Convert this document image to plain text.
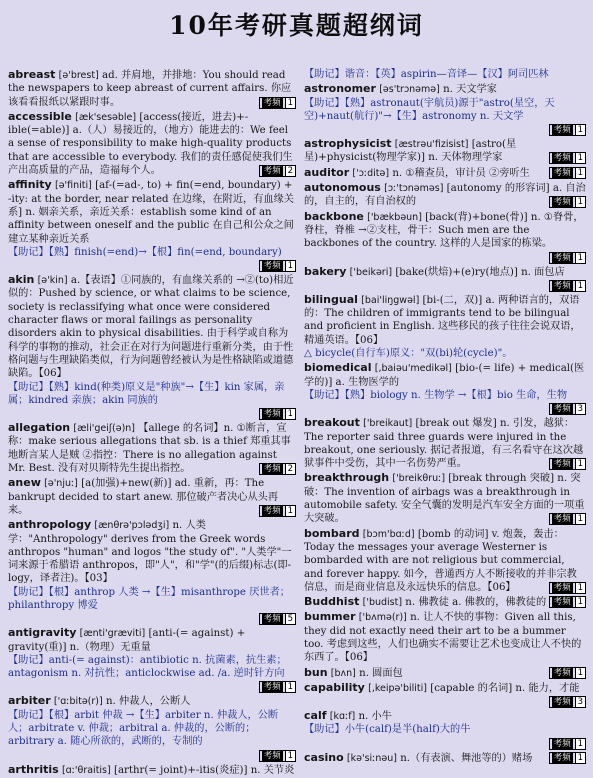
10年考研真题超纲词
abreast [ə'brest] ad. 并肩地，并排地：You should read the newspapers to keep abreast of current affairs. 你应该看看报纸以紧跟时事。	考频 1
accessible [æk'sesəble] [access(接近，进去)+-ible(=able)] a.（人）易接近的，（地方）能进去的：We feel a sense of responsibility to make high-quality products that are accessible to everybody. 我们的责任感促使我们生产出高质量的产品，造福每个人。	考频 2
affinity [ə'finiti] [af-(=ad-, to) + fin(=end, boundary) + -ity: at the border, near related 在边缘，在附近，有血缘关系] n. 姻亲关系，亲近关系：establish some kind of an affinity between oneself and the public 在自己和公众之间建立某种亲近关系
【助记】【熟】finish(=end)→【根】fin(=end, boundary)
考频 1
akin [ə'kin] a.【表语】①同族的，有血缘关系的 →②(to)相近似的：Pushed by science, or what claims to be science, society is reclassifying what once were considered character flaws or moral failings as personality disorders akin to physical disabilities. 由于科学或自称为科学的事物的推动，社会正在对行为问题进行重新分类，由于性格问题与生理缺陷类似，行为问题曾经被认为是性格缺陷或道德缺陷。【06】
【助记】【熟】kind(种类)原义是"种族"→【生】kin 家属，亲属；kindred 亲族；akin 同族的
考频 1
allegation [æli'geiʃ(ə)n] 【allege 的名词】n. ①断言，宣称：make serious allegations that sb. is a thief 郑重其事地断言某人是贼 ②指控：There is no allegation against Mr. Best. 没有对贝斯特先生提出指控。	考频 2
anew [ə'njuː] [a(加强)+new(新)] ad. 重新，再：The bankrupt decided to start anew. 那位破产者决心从头再来。	考频 1
anthropology [ænθrə'pɔlədʒi] n. 人类学："Anthropology" derives from the Greek words anthropos "human" and logos "the study of". "人类学"一词来源于希腊语 anthropos，即"人"，和"学"(的后缀)标志(即-logy，译者注)。【03】
【助记】【根】anthrop 人类 →【生】misanthrope 厌世者；philanthropy 博爱
考频 5
antigravity [ænti'græviti] [anti-(= against) + gravity(重)] n.（物理）无重量
【助记】anti-(= against)：antibiotic n. 抗菌素，抗生素；antagonism n. 对抗性；anticlockwise ad. /a. 逆时针方向
考频 1
arbiter ['ɑːbitə(r)] n. 仲裁人，公断人
【助记】【根】arbit 仲裁 →【生】arbiter n. 仲裁人，公断人；arbitrate v. 仲裁；arbitral a. 仲裁的，公断的；arbitrary a. 随心所欲的，武断的，专制的
考频 1
arthritis [ɑː'θraitis] [arthr(= joint)+-itis(炎症)] n. 关节炎
【助记】谐音：【英】aspirin—音译—【汉】阿司匹林
astronomer [əs'trɔnəmə] n. 天文学家
【助记】【熟】astronaut(宇航员)源于"astro(星空，天空)+naut(航行)"→【生】astronomy n. 天文学
考频 1
astrophysicist [æstrəu'fizisist] [astro(星星)+physicist(物理学家)] n. 天体物理学家	考频 1
auditor ['ɔːditə] n. ①稽查员，审计员 ②旁听生	考频 1
autonomous [ɔː'tɔnəməs] [autonomy 的形容词] a. 自治的，自主的，有自治权的	考频 1
backbone ['bækbəun] [back(背)+bone(骨)] n. ①脊骨，脊柱，脊椎 →②支柱，骨干：Such men are the backbones of the country. 这样的人是国家的栋梁。
考频 1
bakery ['beikəri] [bake(烘焙)+(e)ry(地点)] n. 面包店
考频 1
bilingual [bai'liŋgwəl] [bi-(二，双)] a. 两种语言的，双语的：The children of immigrants tend to be bilingual and proficient in English. 这些移民的孩子往往会说双语，精通英语。【06】
△ bicycle(自行车)原义："双(bi)轮(cycle)"。
biomedical [,baiəu'medikəl] [bio-(= life) + medical(医学的)] a. 生物医学的
【助记】【熟】biology n. 生物学 →【根】bio 生命，生物
考频 3
breakout ['breikaut] [break out 爆发] n. 引发，越狱：The reporter said three guards were injured in the breakout, one seriously. 据记者报道，有三名看守在这次越狱事件中受伤，其中一名伤势严重。	考频 1
breakthrough ['breikθruː] [break through 突破] n. 突破：The invention of airbags was a breakthrough in automobile safety. 安全气囊的发明是汽车安全方面的一项重大突破。	考频 1
bombard [bɔm'bɑːd] [bomb 的动词] v. 炮轰，轰击：Today the messages your average Westerner is bombarded with are not religious but commercial, and forever happy. 如今，普通西方人不断接收的并非宗教信息，而是商业信息及永远快乐的信息。【06】	考频 1
Buddhist ['budist] n. 佛教徒 a. 佛教的，佛教徒的 考频 1
bummer ['bʌmə(r)] n. 让人不快的事物：Given all this, they did not exactly need their art to be a bummer too. 考虑到这些，人们也确实不需要让艺术也变成让人不快的东西了。【06】
bun [bʌn] n. 圆面包	考频 1
capability [,keipə'biliti] [capable 的名词] n. 能力，才能
考频 3
calf [kɑːf] n. 小牛
【助记】小牛(calf)是半(half)大的牛
考频 1
casino [kə'siːnəu] n.（有表演、舞池等的）赌场	考频 1
